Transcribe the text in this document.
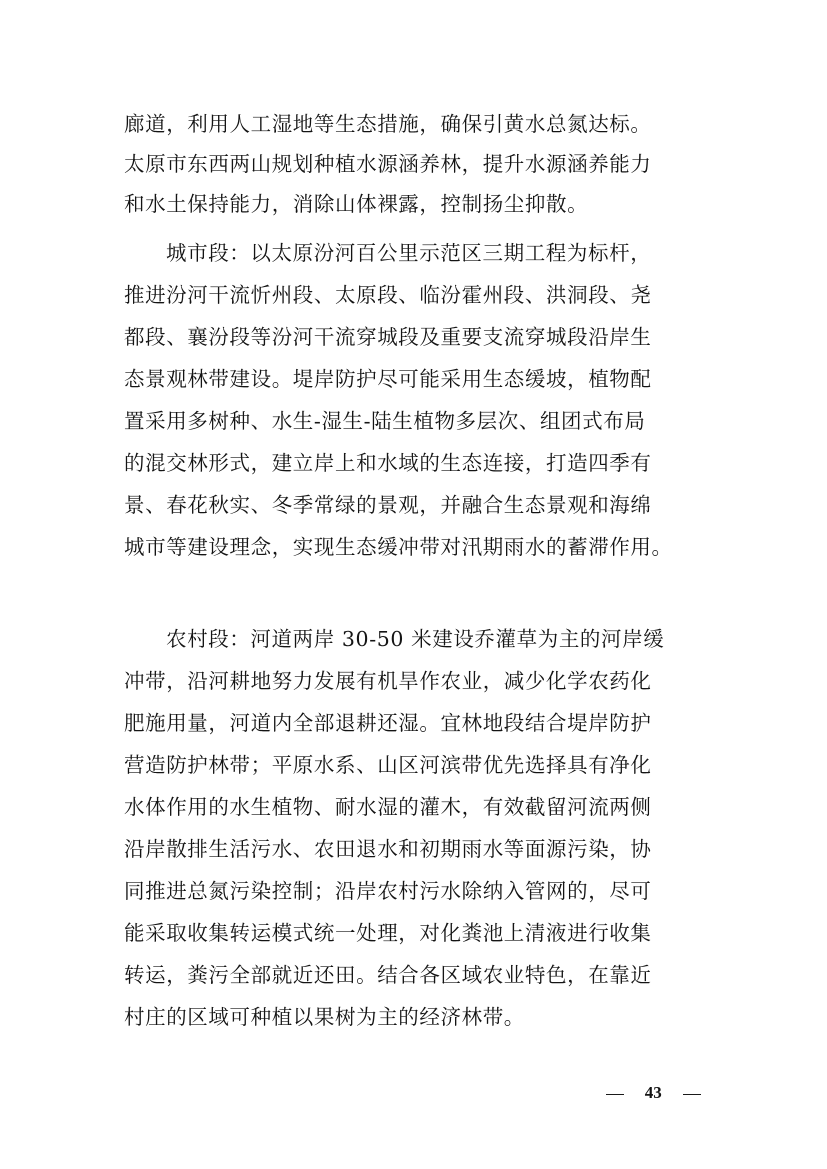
廊道，利用人工湿地等生态措施，确保引黄水总氮达标。
太原市东西两山规划种植水源涵养林，提升水源涵养能力
和水土保持能力，消除山体裸露，控制扬尘抑散。
城市段：以太原汾河百公里示范区三期工程为标杆，
推进汾河干流忻州段、太原段、临汾霍州段、洪洞段、尧
都段、襄汾段等汾河干流穿城段及重要支流穿城段沿岸生
态景观林带建设。堤岸防护尽可能采用生态缓坡，植物配
置采用多树种、水生-湿生-陆生植物多层次、组团式布局
的混交林形式，建立岸上和水域的生态连接，打造四季有
景、春花秋实、冬季常绿的景观，并融合生态景观和海绵
城市等建设理念，实现生态缓冲带对汛期雨水的蓄滞作用。
农村段：河道两岸 30-50 米建设乔灌草为主的河岸缓
冲带，沿河耕地努力发展有机旱作农业，减少化学农药化
肥施用量，河道内全部退耕还湿。宜林地段结合堤岸防护
营造防护林带；平原水系、山区河滨带优先选择具有净化
水体作用的水生植物、耐水湿的灌木，有效截留河流两侧
沿岸散排生活污水、农田退水和初期雨水等面源污染，协
同推进总氮污染控制；沿岸农村污水除纳入管网的，尽可
能采取收集转运模式统一处理，对化粪池上清液进行收集
转运，粪污全部就近还田。结合各区域农业特色，在靠近
村庄的区域可种植以果树为主的经济林带。
43
